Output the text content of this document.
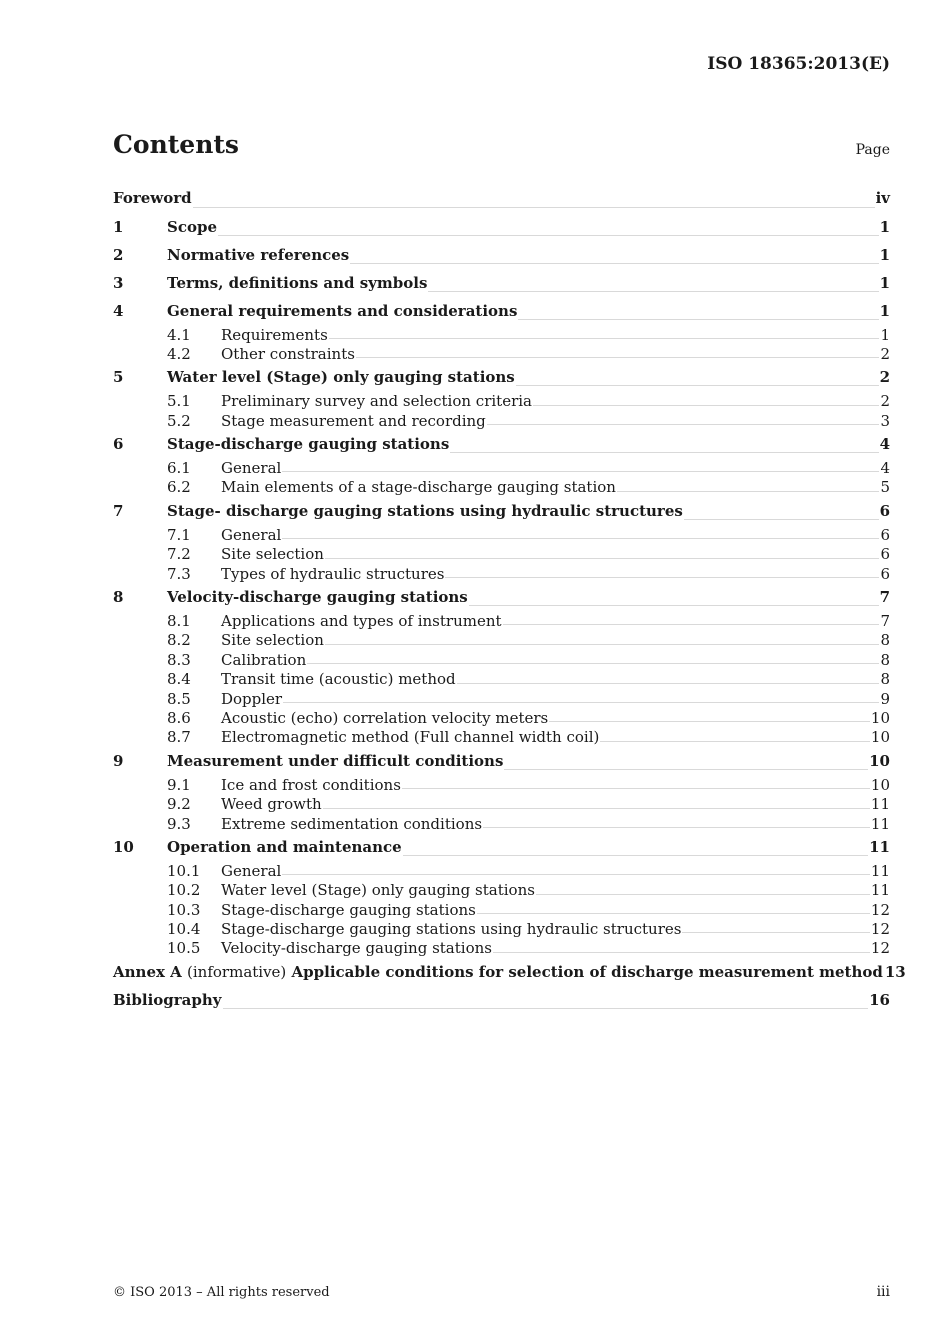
ISO 18365:2013(E)
Contents	Page
Foreword	iv
1	Scope	1
2	Normative references	1
3	Terms, definitions and symbols	1
4	General requirements and considerations	1
4.1	Requirements	1
4.2	Other constraints	2
5	Water level (Stage) only gauging stations	2
5.1	Preliminary survey and selection criteria	2
5.2	Stage measurement and recording	3
6	Stage-discharge gauging stations	4
6.1	General	4
6.2	Main elements of a stage-discharge gauging station	5
7	Stage- discharge gauging stations using hydraulic structures	6
7.1	General	6
7.2	Site selection	6
7.3	Types of hydraulic structures	6
8	Velocity-discharge gauging stations	7
8.1	Applications and types of instrument	7
8.2	Site selection	8
8.3	Calibration	8
8.4	Transit time (acoustic) method	8
8.5	Doppler	9
8.6	Acoustic (echo) correlation velocity meters	10
8.7	Electromagnetic method (Full channel width coil)	10
9	Measurement under difficult conditions	10
9.1	Ice and frost conditions	10
9.2	Weed growth	11
9.3	Extreme sedimentation conditions	11
10	Operation and maintenance	11
10.1	General	11
10.2	Water level (Stage) only gauging stations	11
10.3	Stage-discharge gauging stations	12
10.4	Stage-discharge gauging stations using hydraulic structures	12
10.5	Velocity-discharge gauging stations	12
Annex A (informative) Applicable conditions for selection of discharge measurement method 13
Bibliography	16
© ISO 2013 – All rights reserved	iii
